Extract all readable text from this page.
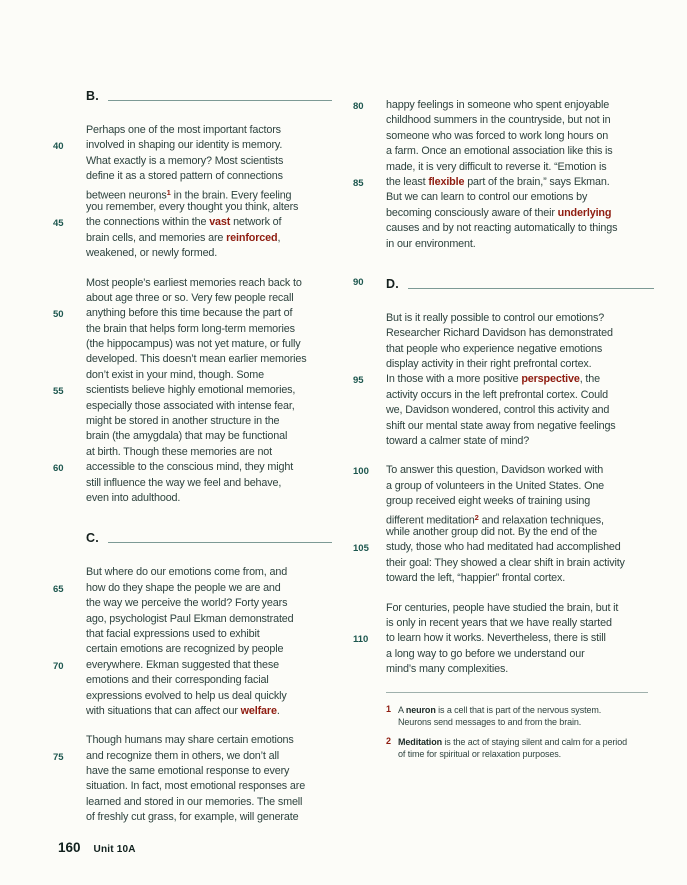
B.
Perhaps one of the most important factors
40	involved in shaping our identity is memory.
What exactly is a memory? Most scientists
define it as a stored pattern of connections
between neurons$^1$ in the brain. Every feeling
you remember, every thought you think, alters
45	the connections within the vast network of
brain cells, and memories are reinforced,
weakened, or newly formed.
Most people’s earliest memories reach back to
about age three or so. Very few people recall
50	anything before this time because the part of
the brain that helps form long-term memories
(the hippocampus) was not yet mature, or fully
developed. This doesn’t mean earlier memories
don’t exist in your mind, though. Some
55	scientists believe highly emotional memories,
especially those associated with intense fear,
might be stored in another structure in the
brain (the amygdala) that may be functional
at birth. Though these memories are not
60	accessible to the conscious mind, they might
still influence the way we feel and behave,
even into adulthood.
C.
But where do our emotions come from, and
65	how do they shape the people we are and
the way we perceive the world? Forty years
ago, psychologist Paul Ekman demonstrated
that facial expressions used to exhibit
certain emotions are recognized by people
70	everywhere. Ekman suggested that these
emotions and their corresponding facial
expressions evolved to help us deal quickly
with situations that can affect our welfare.
Though humans may share certain emotions
75	and recognize them in others, we don’t all
have the same emotional response to every
situation. In fact, most emotional responses are
learned and stored in our memories. The smell
of freshly cut grass, for example, will generate
80	happy feelings in someone who spent enjoyable
childhood summers in the countryside, but not in
someone who was forced to work long hours on
a farm. Once an emotional association like this is
made, it is very difficult to reverse it. “Emotion is
85	the least flexible part of the brain,” says Ekman.
But we can learn to control our emotions by
becoming consciously aware of their underlying
causes and by not reacting automatically to things
in our environment.
90	D.
But is it really possible to control our emotions?
Researcher Richard Davidson has demonstrated
that people who experience negative emotions
display activity in their right prefrontal cortex.
95	In those with a more positive perspective, the
activity occurs in the left prefrontal cortex. Could
we, Davidson wondered, control this activity and
shift our mental state away from negative feelings
toward a calmer state of mind?
100	To answer this question, Davidson worked with
a group of volunteers in the United States. One
group received eight weeks of training using
different meditation$^2$ and relaxation techniques,
while another group did not. By the end of the
105	study, those who had meditated had accomplished
their goal: They showed a clear shift in brain activity
toward the left, “happier” frontal cortex.
For centuries, people have studied the brain, but it
is only in recent years that we have really started
110	to learn how it works. Nevertheless, there is still
a long way to go before we understand our
mind’s many complexities.
1 A neuron is a cell that is part of the nervous system.
Neurons send messages to and from the brain.
2 Meditation is the act of staying silent and calm for a period
of time for spiritual or relaxation purposes.
160 Unit 10A
